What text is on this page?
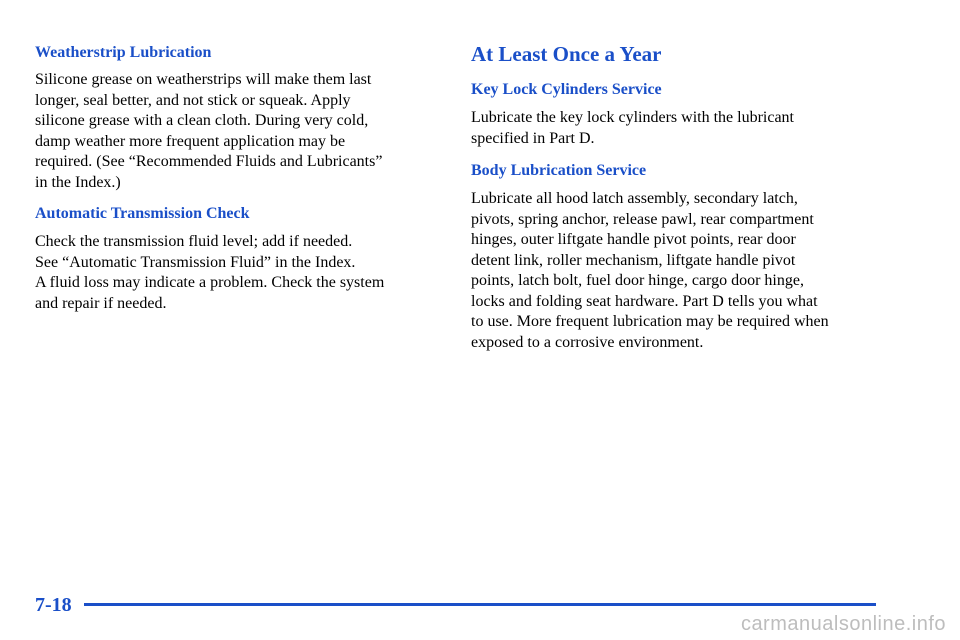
Weatherstrip Lubrication

Silicone grease on weatherstrips will make them last
longer, seal better, and not stick or squeak. Apply
silicone grease with a clean cloth. During very cold,
damp weather more frequent application may be
required. (See “Recommended Fluids and Lubricants”
in the Index.)

Automatic Transmission Check

Check the transmission fluid level; add if needed.
See “Automatic Transmission Fluid” in the Index.
A fluid loss may indicate a problem. Check the system
and repair if needed.

At Least Once a Year
Key Lock Cylinders Service

Lubricate the key lock cylinders with the lubricant
specified in Part D.

Body Lubrication Service

Lubricate all hood latch assembly, secondary latch,
pivots, spring anchor, release pawl, rear compartment
hinges, outer liftgate handle pivot points, rear door
detent link, roller mechanism, liftgate handle pivot
points, latch bolt, fuel door hinge, cargo door hinge,
locks and folding seat hardware. Part D tells you what
to use. More frequent lubrication may be required when
exposed to a corrosive environment.

7-18
carmanualsonline.info
